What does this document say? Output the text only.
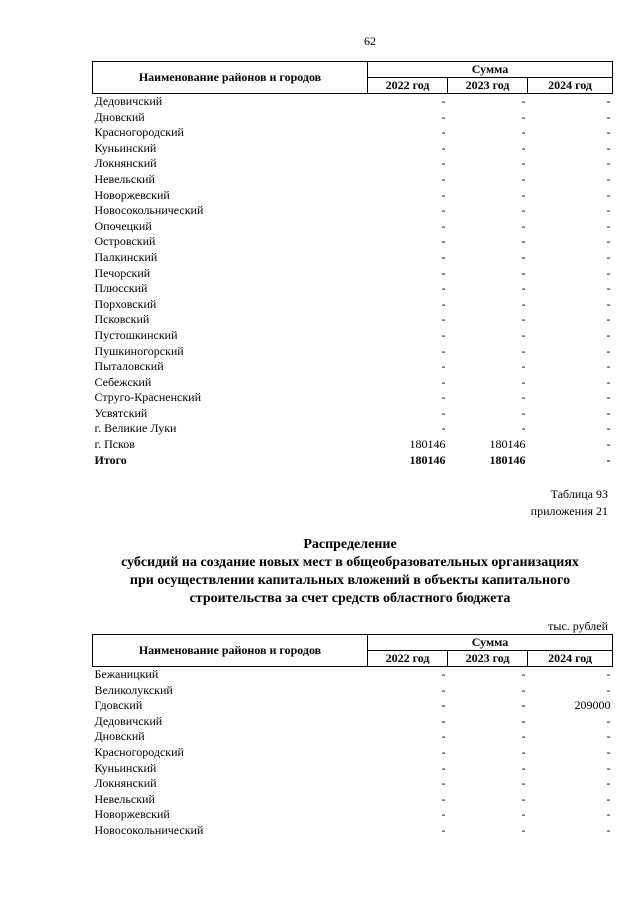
62
Наименование районов и городов	Сумма		
	2022 год	2023 год	2024 год
Дедовичский	-	-	-
Дновский	-	-	-
Красногородский	-	-	-
Куньинский	-	-	-
Локнянский	-	-	-
Невельский	-	-	-
Новоржевский	-	-	-
Новосокольнический	-	-	-
Опочецкий	-	-	-
Островский	-	-	-
Палкинский	-	-	-
Печорский	-	-	-
Плюсский	-	-	-
Порховский	-	-	-
Псковский	-	-	-
Пустошкинский	-	-	-
Пушкиногорский	-	-	-
Пыталовский	-	-	-
Себежский	-	-	-
Струго-Красненский	-	-	-
Усвятский	-	-	-
г. Великие Луки	-	-	-
г. Псков	180146	180146	-
Итого	180146	180146	-
Таблица 93
приложения 21
Распределение
субсидий на создание новых мест в общеобразовательных организациях
при осуществлении капитальных вложений в объекты капитального
строительства за счет средств областного бюджета
тыс. рублей
Наименование районов и городов	Сумма		
	2022 год	2023 год	2024 год
Бежаницкий	-	-	-
Великолукский	-	-	-
Гдовский	-	-	209000
Дедовичский	-	-	-
Дновский	-	-	-
Красногородский	-	-	-
Куньинский	-	-	-
Локнянский	-	-	-
Невельский	-	-	-
Новоржевский	-	-	-
Новосокольнический	-	-	-
